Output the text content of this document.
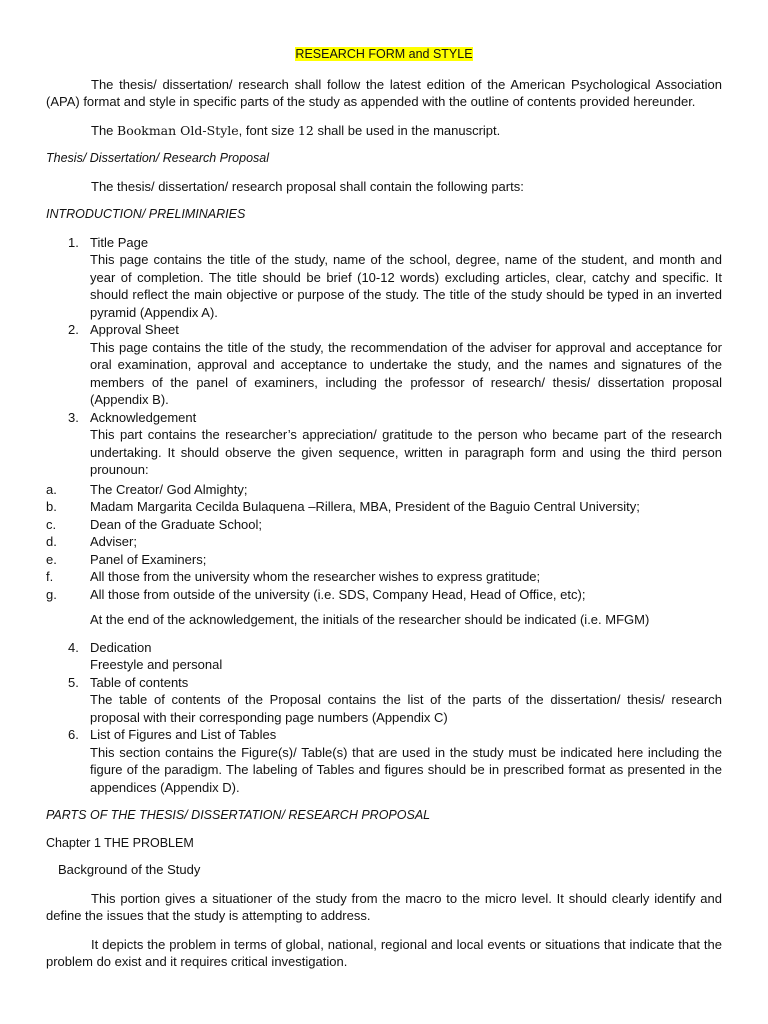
RESEARCH FORM and STYLE

The thesis/ dissertation/ research shall follow the latest edition of the American Psychological Association (APA) format and style in specific parts of the study as appended with the outline of contents provided hereunder.

The Bookman Old-Style, font size 12 shall be used in the manuscript.

Thesis/ Dissertation/ Research Proposal

The thesis/ dissertation/ research proposal shall contain the following parts:

INTRODUCTION/ PRELIMINARIES

1. Title Page
This page contains the title of the study, name of the school, degree, name of the student, and month and year of completion. The title should be brief (10-12 words) excluding articles, clear, catchy and specific. It should reflect the main objective or purpose of the study. The title of the study should be typed in an inverted pyramid (Appendix A).
2. Approval Sheet
This page contains the title of the study, the recommendation of the adviser for approval and acceptance for oral examination, approval and acceptance to undertake the study, and the names and signatures of the members of the panel of examiners, including the professor of research/ thesis/ dissertation proposal (Appendix B).
3. Acknowledgement
This part contains the researcher’s appreciation/ gratitude to the person who became part of the research undertaking. It should observe the given sequence, written in paragraph form and using the third person prounoun:
a.	The Creator/ God Almighty;
b.	Madam Margarita Cecilda Bulaquena –Rillera, MBA, President of the Baguio Central University;
c.	Dean of the Graduate School;
d.	Adviser;
e.	Panel of Examiners;
f.	All those from the university whom the researcher wishes to express gratitude;
g.	All those from outside of the university (i.e. SDS, Company Head, Head of Office, etc);

At the end of the acknowledgement, the initials of the researcher should be indicated (i.e. MFGM)

4. Dedication
Freestyle and personal
5. Table of contents
The table of contents of the Proposal contains the list of the parts of the dissertation/ thesis/ research proposal with their corresponding page numbers (Appendix C)
6. List of Figures and List of Tables
This section contains the Figure(s)/ Table(s) that are used in the study must be indicated here including the figure of the paradigm. The labeling of Tables and figures should be in prescribed format as presented in the appendices (Appendix D).

PARTS OF THE THESIS/ DISSERTATION/ RESEARCH PROPOSAL

Chapter 1 THE PROBLEM

Background of the Study

This portion gives a situationer of the study from the macro to the micro level. It should clearly identify and define the issues that the study is attempting to address.

It depicts the problem in terms of global, national, regional and local events or situations that indicate that the problem do exist and it requires critical investigation.
